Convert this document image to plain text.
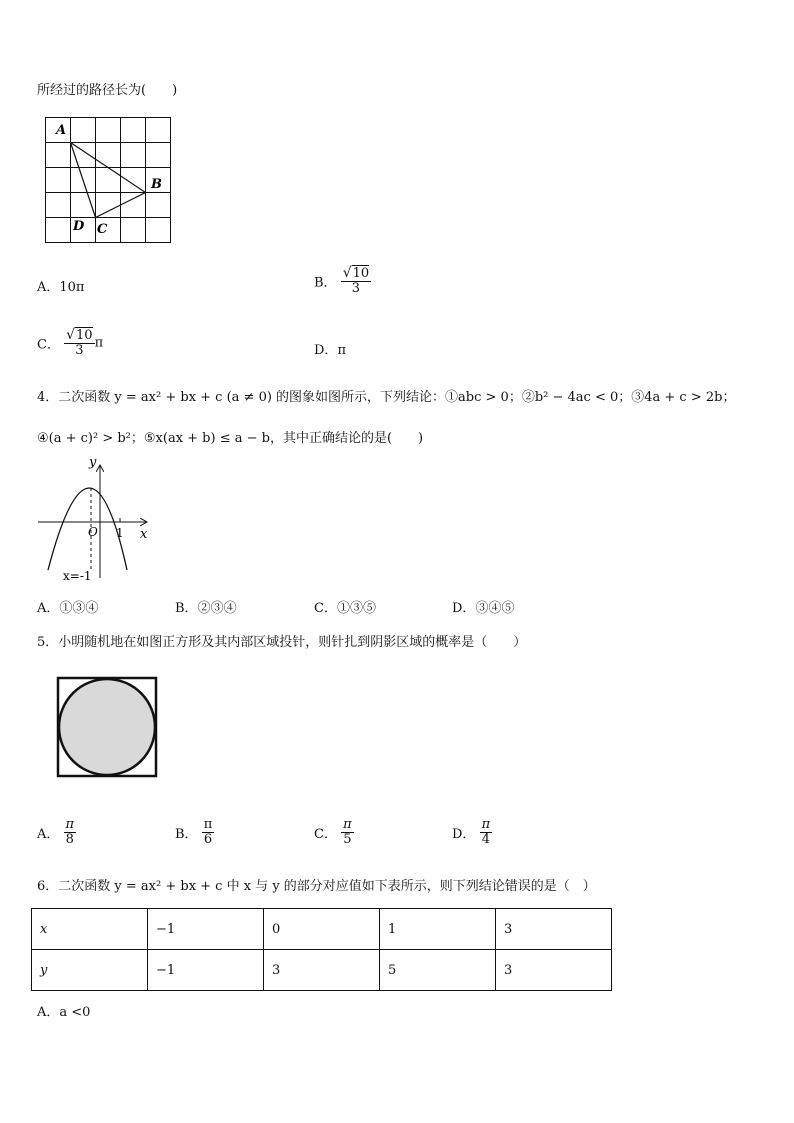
所经过的路径长为(　　)
A
B
C
D
A．10π	B． $\frac{√10}{3}$
C． $\frac{√10}{3}$ π	D．π
4．二次函数 y = ax² + bx + c (a ≠ 0) 的图象如图所示，下列结论：①abc > 0；②b² − 4ac < 0；③4a + c > 2b；
④(a + c)² > b²；⑤x(ax + b) ≤ a − b，其中正确结论的是(　　)
y
x
O 1
x=-1
A．①③④	B．②③④	C．①③⑤	D．③④⑤
5．小明随机地在如图正方形及其内部区域投针，则针扎到阴影区域的概率是（　　）
A． $\frac{\pi}{8}$	B． $\frac{\pi}{6}$	C． $\frac{\pi}{5}$	D． $\frac{\pi}{4}$
6．二次函数 y = ax² + bx + c 中 x 与 y 的部分对应值如下表所示，则下列结论错误的是（　）
x	−1	0	1	3
y	−1	3	5	3
A．a <0
